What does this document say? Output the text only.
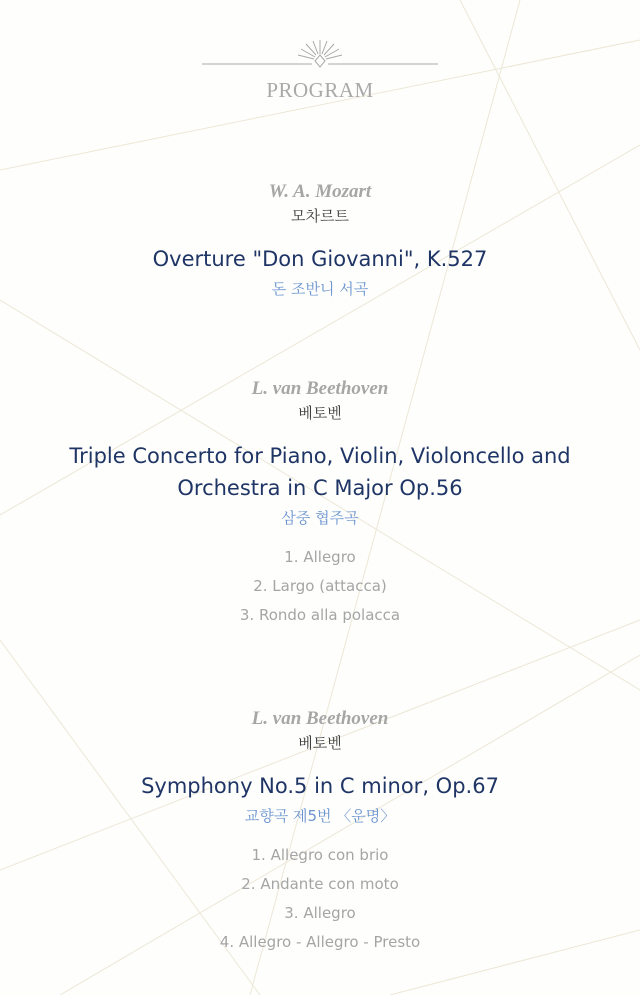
PROGRAM
W. A. Mozart
모차르트
Overture "Don Giovanni", K.527
돈 조반니 서곡
L. van Beethoven
베토벤
Triple Concerto for Piano, Violin, Violoncello and
Orchestra in C Major Op.56
삼중 협주곡
1. Allegro
2. Largo (attacca)
3. Rondo alla polacca
L. van Beethoven
베토벤
Symphony No.5 in C minor, Op.67
교향곡 제5번 〈운명〉
1. Allegro con brio
2. Andante con moto
3. Allegro
4. Allegro - Allegro - Presto
